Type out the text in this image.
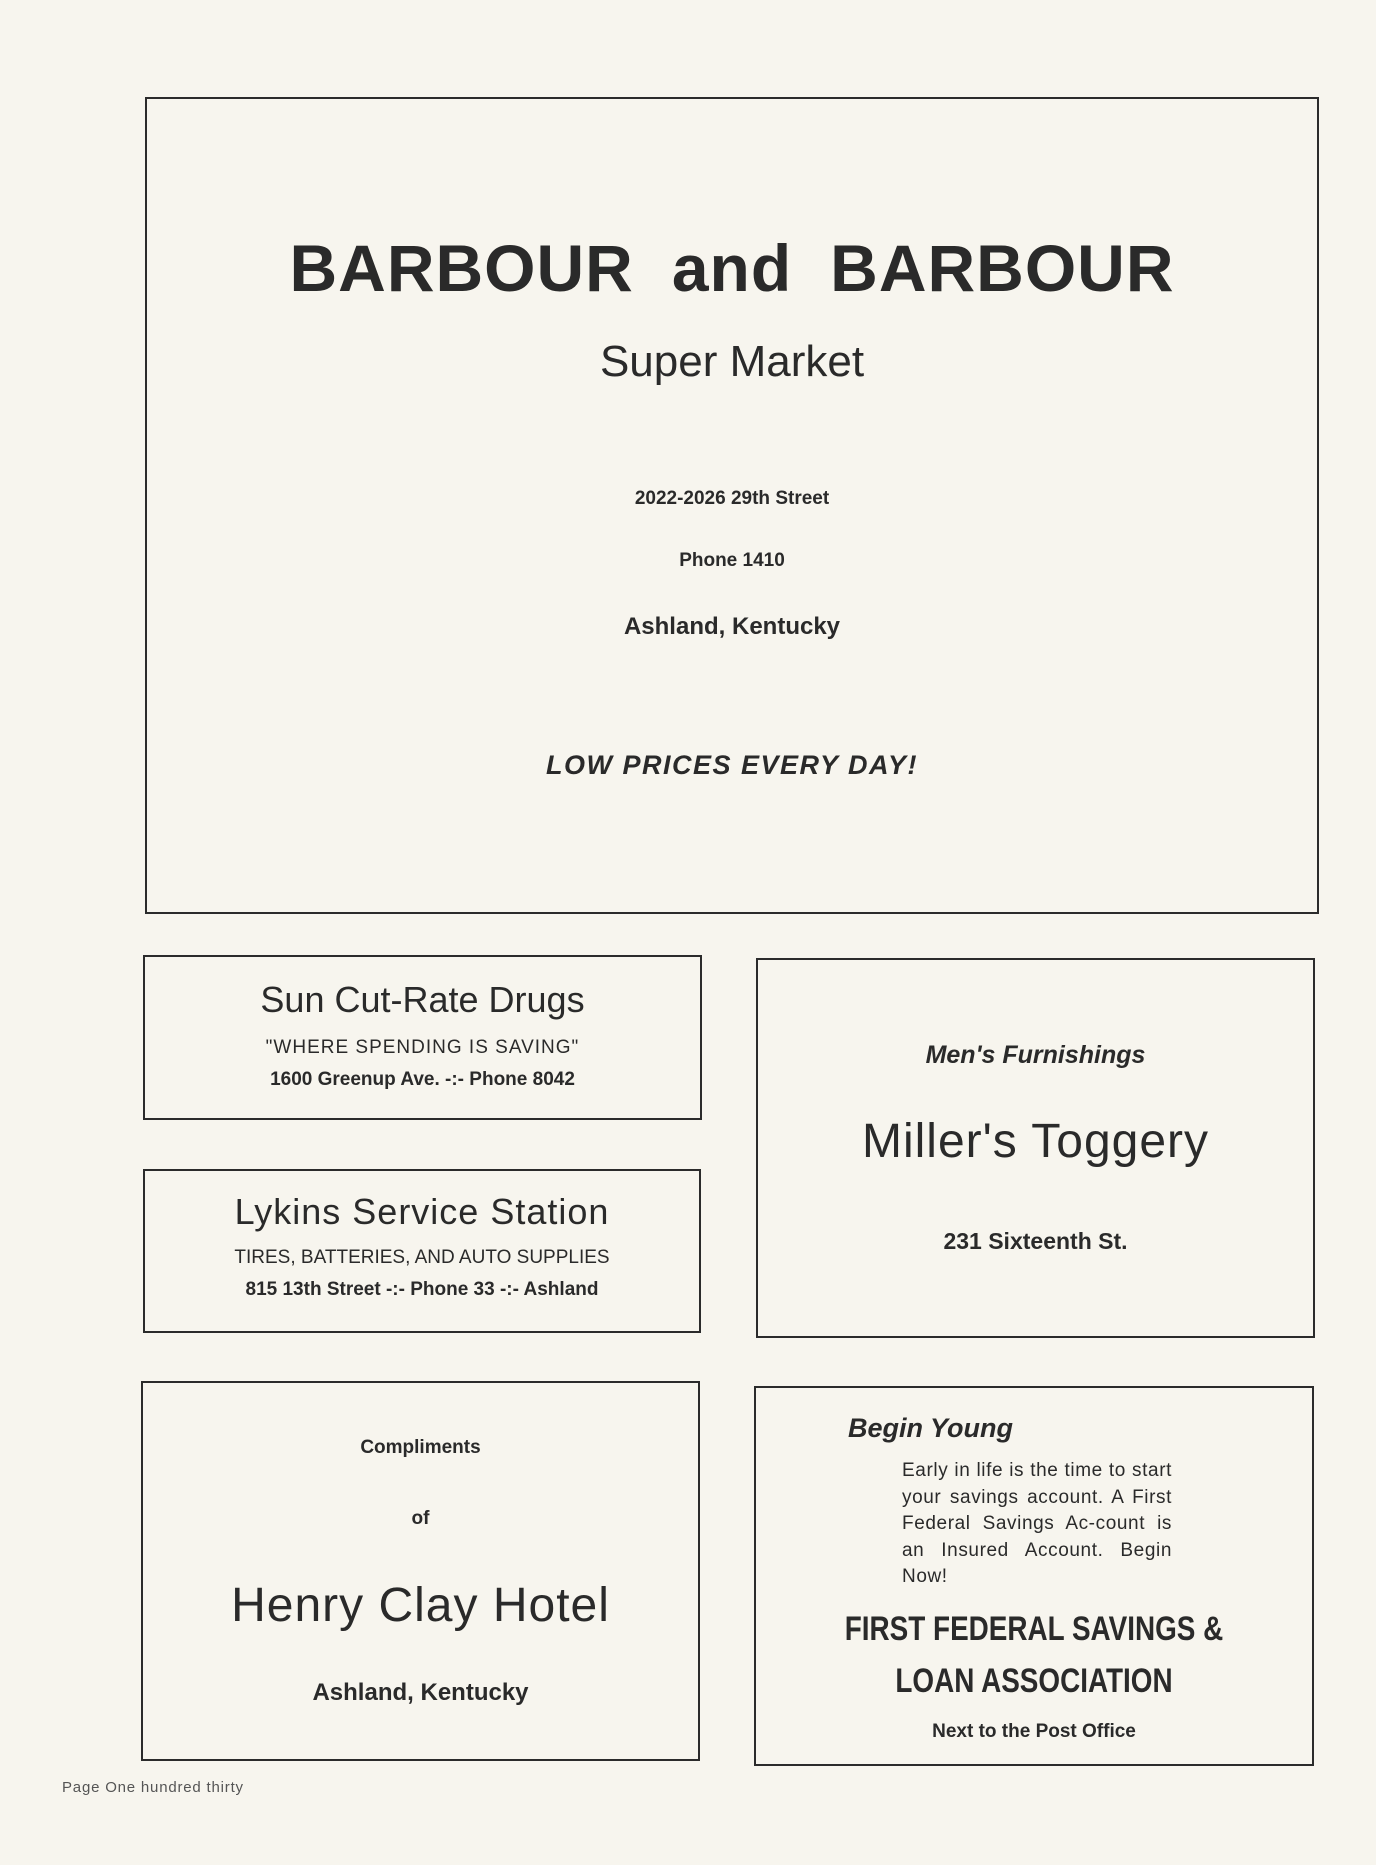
BARBOUR and BARBOUR
Super Market
2022-2026 29th Street
Phone 1410
Ashland, Kentucky
LOW PRICES EVERY DAY!
Sun Cut-Rate Drugs
"WHERE SPENDING IS SAVING"
1600 Greenup Ave. -:- Phone 8042
Lykins Service Station
TIRES, BATTERIES, AND AUTO SUPPLIES
815 13th Street -:- Phone 33 -:- Ashland
Compliments
of
Henry Clay Hotel
Ashland, Kentucky
Men's Furnishings
Miller's Toggery
231 Sixteenth St.
Begin Young
Early in life is the time to start your savings account. A First Federal Savings Ac-count is an Insured Account. Begin Now!
FIRST FEDERAL SAVINGS &
LOAN ASSOCIATION
Next to the Post Office
Page One hundred thirty
